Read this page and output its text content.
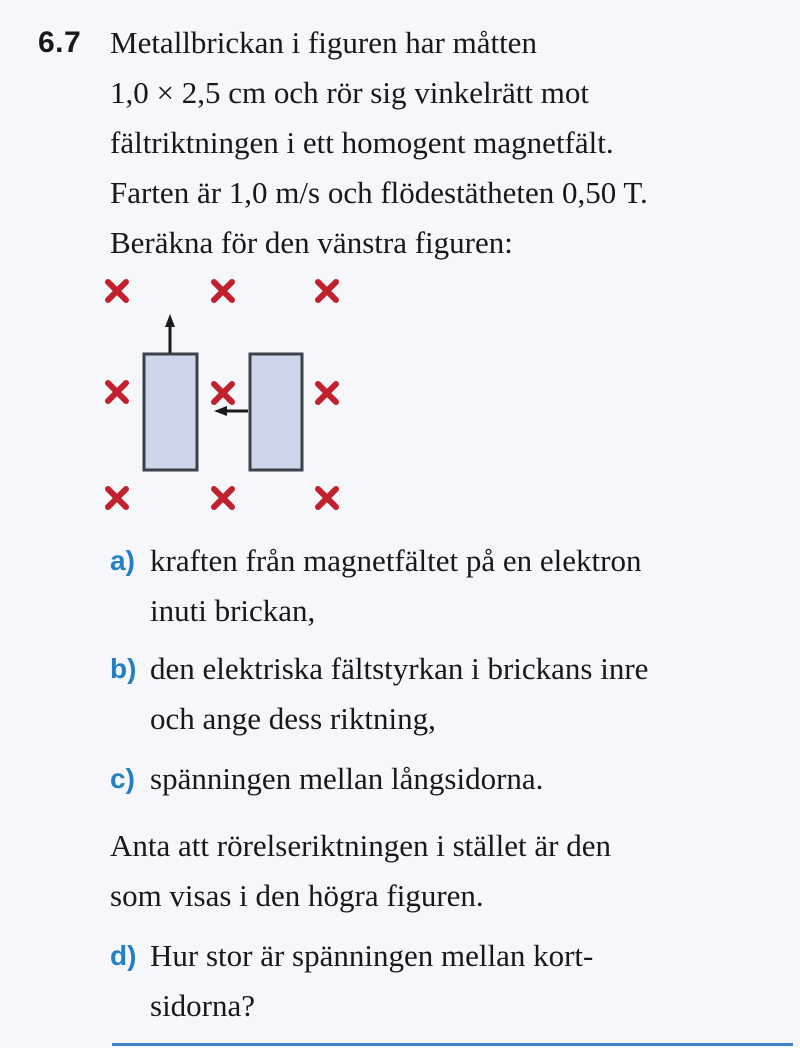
6.7 Metallbrickan i figuren har måtten
1,0 × 2,5 cm och rör sig vinkelrätt mot
fältriktningen i ett homogent magnetfält.
Farten är 1,0 m/s och flödestätheten 0,50 T.
Beräkna för den vänstra figuren:
a) kraften från magnetfältet på en elektron
inuti brickan,
b) den elektriska fältstyrkan i brickans inre
och ange dess riktning,
c) spänningen mellan långsidorna.
Anta att rörelseriktningen i stället är den
som visas i den högra figuren.
d) Hur stor är spänningen mellan kort-
sidorna?
